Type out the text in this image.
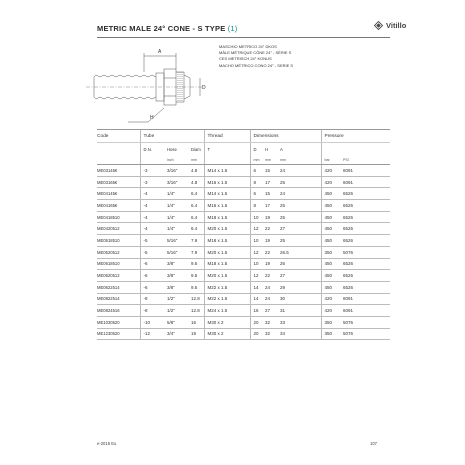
METRIC MALE 24° CONE - S TYPE (1)	Vitillo
MASCHIO METRICO 24° DKOS
MÂLE MÉTRIQUE CÔNE 24° - SÉRIE S
CES METRISCH 24° KONUS
MACHO MÉTRICO CONO 24° - SERIE S
A
D
H
Code	Tube			Thread	Dimensions			Pressure	
	D.N.	Hose	Diam	T	D	H	A		
		inch	mm		mm	mm	mm	bar	PSI
ME03145€	-3	3/16"	4.8	M14 x 1.5	6	15	24	420	6091
ME03165€	-3	3/16"	4.8	M16 x 1.5	8	17	25	420	6091
ME04145€	-4	1/4"	6.4	M14 x 1.5	6	15	24	450	6526
ME04165€	-4	1/4"	6.4	M16 x 1.5	8	17	25	450	6526
ME0418510	-4	1/4"	6.4	M18 x 1.5	10	19	25	450	6526
ME0420512	-4	1/4"	6.4	M20 x 1.5	12	22	27	450	6526
ME0518510	-5	5/16"	7.9	M18 x 1.5	10	19	25	450	6526
ME0520512	-5	5/16"	7.9	M20 x 1.5	12	22	26.5	350	5076
ME0618510	-6	3/8"	9.5	M18 x 1.5	10	19	26	450	6526
ME0620512	-6	3/8"	9.5	M20 x 1.5	12	22	27	450	6526
ME0622514	-6	3/8"	9.5	M22 x 1.5	14	24	29	450	6526
ME0822514	-8	1/2"	12.8	M22 x 1.5	14	24	30	420	6091
ME0824516	-8	1/2"	12.8	M24 x 1.5	16	27	31	420	6091
ME1030520	-10	5/8"	16	M30 x 2	20	32	33	350	5076
ME1230520	-12	3/4"	19	M30 x 2	20	32	34	350	5076
e-2016 Eu	107
